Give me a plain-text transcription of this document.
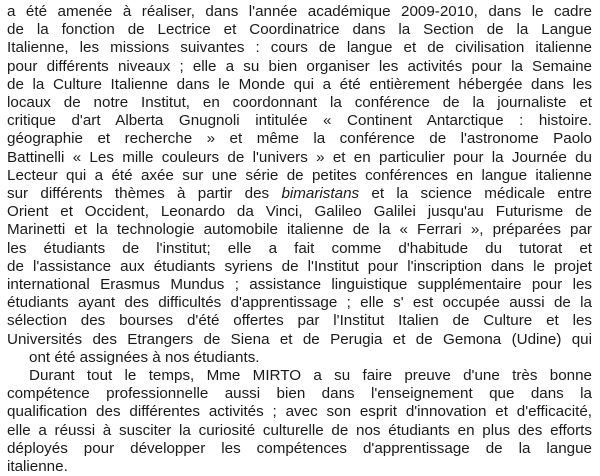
a été amenée à réaliser, dans l'année académique 2009-2010, dans le cadre
de la fonction de Lectrice et Coordinatrice dans la Section de la Langue
Italienne, les missions suivantes : cours de langue et de civilisation italienne
pour différents niveaux ; elle a su bien organiser les activités pour la Semaine
de la Culture Italienne dans le Monde qui a été entièrement hébergée dans les
locaux de notre Institut, en coordonnant la conférence de la journaliste et
critique d'art Alberta Gnugnoli intitulée « Continent Antarctique : histoire.
géographie et recherche » et même la conférence de l'astronome Paolo
Battinelli « Les mille couleurs de l'univers » et en particulier pour la Journée du
Lecteur qui a été axée sur une série de petites conférences en langue italienne
sur différents thèmes à partir des bimaristans et la science médicale entre
Orient et Occident, Leonardo da Vinci, Galileo Galilei jusqu'au Futurisme de
Marinetti et la technologie automobile italienne de la « Ferrari », préparées par
les étudiants de l'institut; elle a fait comme d'habitude du tutorat et
de l'assistance aux étudiants syriens de l'Institut pour l'inscription dans le projet
international Erasmus Mundus ; assistance linguistique supplémentaire pour les
étudiants ayant des difficultés d'apprentissage ; elle s' est occupée aussi de la
sélection des bourses d'été offertes par l'Institut Italien de Culture et les
Universités des Etrangers de Siena et de Perugia et de Gemona (Udine) qui
ont été assignées à nos étudiants.
Durant tout le temps, Mme MIRTO a su faire preuve d'une très bonne
compétence professionnelle aussi bien dans l'enseignement que dans la
qualification des différentes activités ; avec son esprit d'innovation et d'efficacité,
elle a réussi à susciter la curiosité culturelle de nos étudiants en plus des efforts
déployés pour développer les compétences d'apprentissage de la langue
italienne.
